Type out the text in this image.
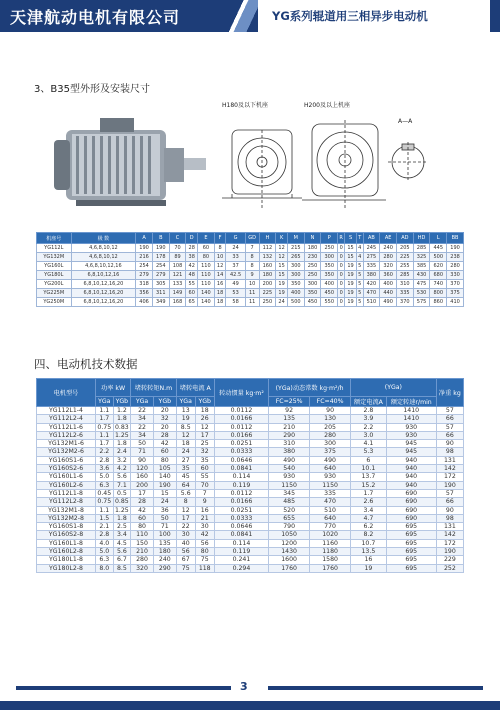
天津航动电机有限公司	YG系列辊道用三相异步电动机
3、B35型外形及安装尺寸
H180及以下机座	H200及以上机座
A—A
机座号	极 数	A	B	C	D	E	F	G	GD	H	K	M	N	P	R	S	T	AB	AE	AD	HD	L	BB
YG112L	4,6,8,10,12	190	190	70	28	60	8	24	7	112	12	215	180	250	0	15	4	245	240	205	285	445	190
YG132M	4,6,8,10,12	216	178	89	38	80	10	33	8	132	12	265	230	300	0	15	4	275	280	225	325	500	238
YG160L	4,6,8,10,12,16	254	254	108	42	110	12	37	8	160	15	300	250	350	0	19	5	335	320	255	385	620	280
YG180L	6,8,10,12,16	279	279	121	48	110	14	42.5	9	180	15	300	250	350	0	19	5	380	360	285	430	680	330
YG200L	6,8,10,12,16,20	318	305	133	55	110	16	49	10	200	19	350	300	400	0	19	5	420	400	310	475	740	370
YG225M	6,8,10,12,16,20	356	311	149	60	140	18	53	11	225	19	400	350	450	0	19	5	470	440	335	530	800	375
YG250M	6,8,10,12,16,20	406	349	168	65	140	18	58	11	250	24	500	450	550	0	19	5	510	490	370	575	860	410
四、电动机技术数据
电机型号	功率 kW		堵转转矩N.m		堵转电流 A		转动惯量 kg·m²	(YGa)动态常数 kg·m²/h		(YGa)		净重 kg
	YGa	YGb	YGa	YGb	YGa	YGb		FC=25%	FC=40%	额定电流A	额定转速r/min	
YG112L1-4	1.1	1.2	22	20	13	18	0.0112	92	90	2.8	1410	57
YG112L2-4	1.7	1.8	34	32	19	26	0.0166	135	130	3.9	1410	66
YG112L1-6	0.75	0.83	22	20	8.5	12	0.0112	210	205	2.2	930	57
YG112L2-6	1.1	1.25	34	28	12	17	0.0166	290	280	3.0	930	66
YG132M1-6	1.7	1.8	50	42	18	25	0.0251	310	300	4.1	945	90
YG132M2-6	2.2	2.4	71	60	24	32	0.0333	380	375	5.3	945	98
YG160S1-6	2.8	3.2	90	80	27	35	0.0646	490	490	6	940	131
YG160S2-6	3.6	4.2	120	105	35	60	0.0841	540	640	10.1	940	142
YG160L1-6	5.0	5.6	160	140	45	55	0.114	930	930	13.7	940	172
YG160L2-6	6.3	7.1	200	190	64	70	0.119	1150	1150	15.2	940	190
YG112L1-8	0.45	0.5	17	15	5.6	7	0.0112	345	335	1.7	690	57
YG112L2-8	0.75	0.85	28	24	8	9	0.0166	485	470	2.6	690	66
YG132M1-8	1.1	1.25	42	36	12	16	0.0251	520	510	3.4	690	90
YG132M2-8	1.5	1.8	60	50	17	21	0.0333	655	640	4.7	690	98
YG160S1-8	2.1	2.5	80	71	22	30	0.0646	790	770	6.2	695	131
YG160S2-8	2.8	3.4	110	100	30	42	0.0841	1050	1020	8.2	695	142
YG160L1-8	4.0	4.5	150	135	40	56	0.114	1200	1160	10.7	695	172
YG160L2-8	5.0	5.6	210	180	56	80	0.119	1430	1180	13.5	695	190
YG180L1-8	6.3	6.7	280	240	67	75	0.241	1600	1580	16	695	229
YG180L2-8	8.0	8.5	320	290	75	118	0.294	1760	1760	19	695	252
3
